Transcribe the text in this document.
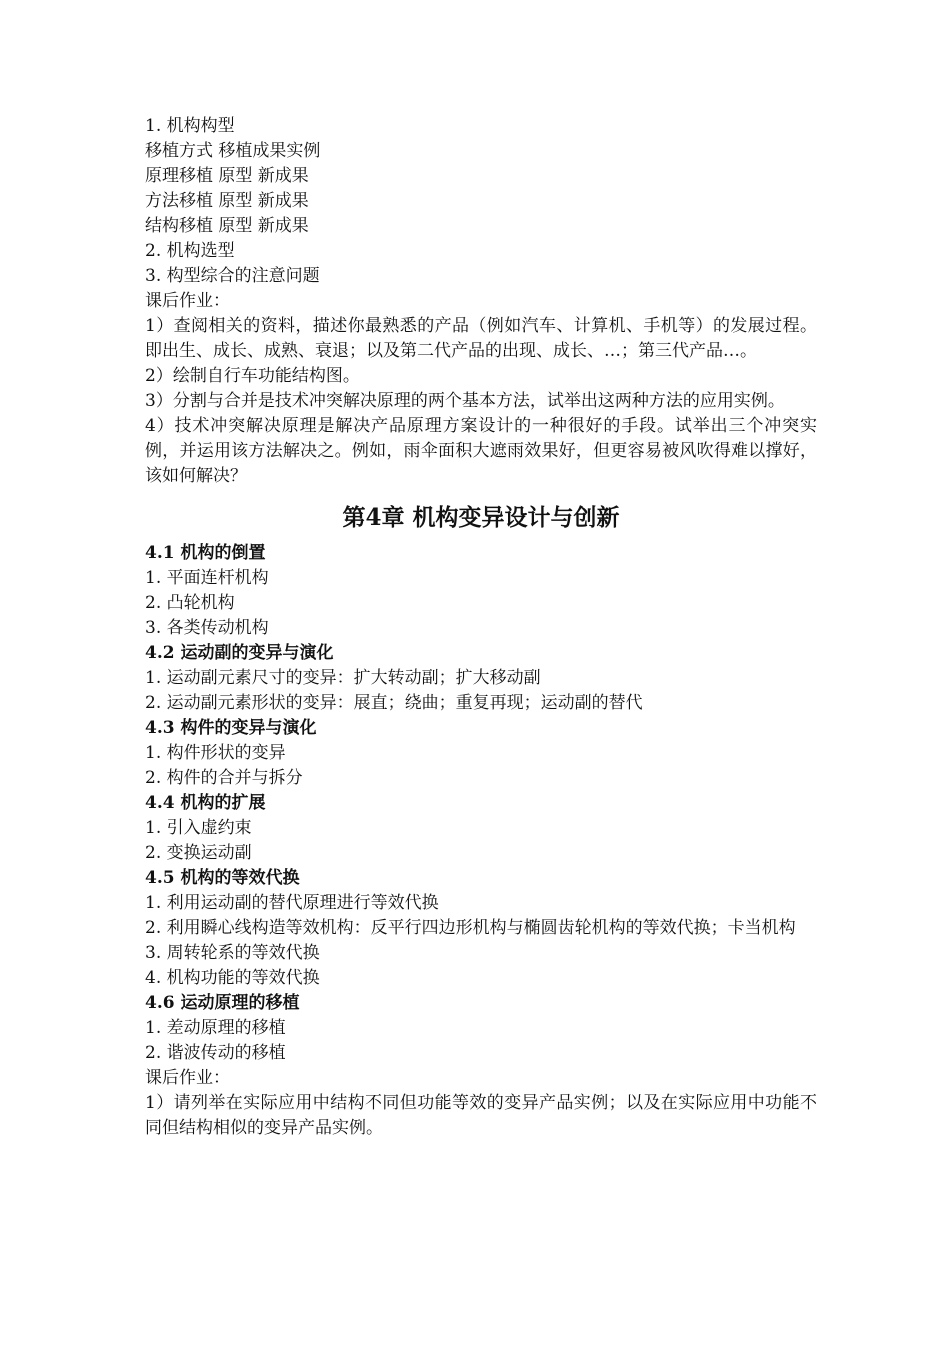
1. 机构构型

移植方式 移植成果实例

原理移植 原型 新成果

方法移植 原型 新成果

结构移植 原型 新成果

2. 机构选型

3. 构型综合的注意问题

课后作业：

1）查阅相关的资料，描述你最熟悉的产品（例如汽车、计算机、手机等）的发展过程。即出生、成长、成熟、衰退；以及第二代产品的出现、成长、…；第三代产品…。

2）绘制自行车功能结构图。

3）分割与合并是技术冲突解决原理的两个基本方法，试举出这两种方法的应用实例。

4）技术冲突解决原理是解决产品原理方案设计的一种很好的手段。试举出三个冲突实例，并运用该方法解决之。例如，雨伞面积大遮雨效果好，但更容易被风吹得难以撑好，该如何解决？

第4章 机构变异设计与创新

4.1 机构的倒置

1. 平面连杆机构

2. 凸轮机构

3. 各类传动机构

4.2 运动副的变异与演化

1. 运动副元素尺寸的变异：扩大转动副；扩大移动副

2. 运动副元素形状的变异：展直；绕曲；重复再现；运动副的替代

4.3 构件的变异与演化

1. 构件形状的变异

2. 构件的合并与拆分

4.4 机构的扩展

1. 引入虚约束

2. 变换运动副

4.5 机构的等效代换

1. 利用运动副的替代原理进行等效代换

2. 利用瞬心线构造等效机构：反平行四边形机构与椭圆齿轮机构的等效代换；卡当机构

3. 周转轮系的等效代换

4. 机构功能的等效代换

4.6 运动原理的移植

1. 差动原理的移植

2. 谐波传动的移植

课后作业：

1）请列举在实际应用中结构不同但功能等效的变异产品实例；以及在实际应用中功能不同但结构相似的变异产品实例。
